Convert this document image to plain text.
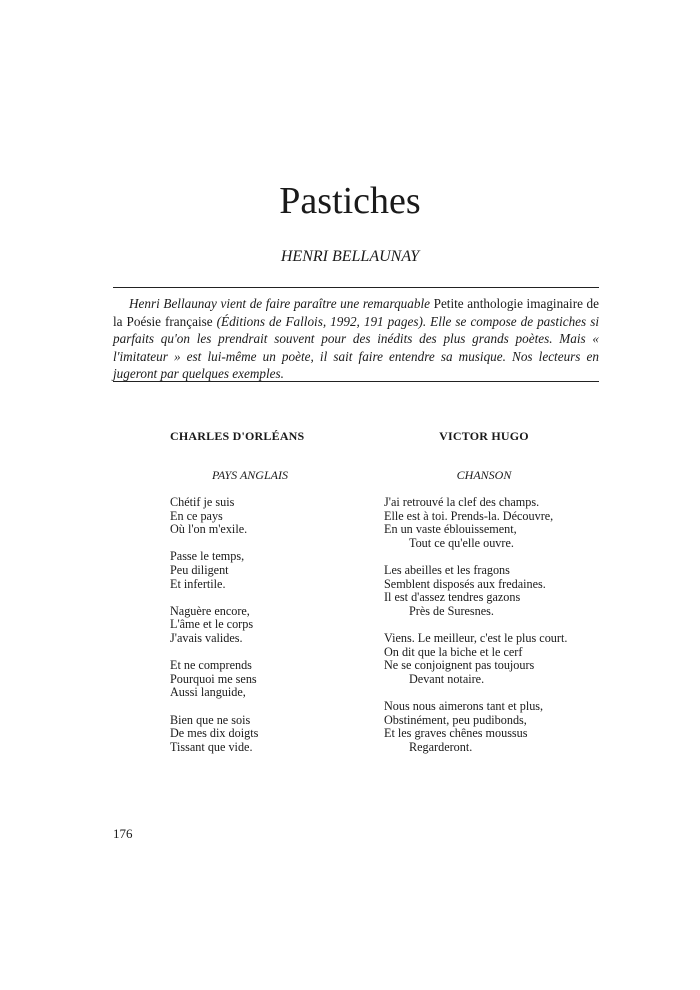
Pastiches
HENRI BELLAUNAY
Henri Bellaunay vient de faire paraître une remarquable Petite anthologie imaginaire de la Poésie française (Éditions de Fallois, 1992, 191 pages). Elle se compose de pastiches si parfaits qu'on les prendrait souvent pour des inédits des plus grands poètes. Mais « l'imitateur » est lui-même un poète, il sait faire entendre sa musique. Nos lecteurs en jugeront par quelques exemples.
CHARLES D'ORLÉANS
PAYS ANGLAIS
Chétif je suis
En ce pays
Où l'on m'exile.
Passe le temps,
Peu diligent
Et infertile.
Naguère encore,
L'âme et le corps
J'avais valides.
Et ne comprends
Pourquoi me sens
Aussi languide,
Bien que ne sois
De mes dix doigts
Tissant que vide.
VICTOR HUGO
CHANSON
J'ai retrouvé la clef des champs.
Elle est à toi. Prends-la. Découvre,
En un vaste éblouissement,
Tout ce qu'elle ouvre.
Les abeilles et les fragons
Semblent disposés aux fredaines.
Il est d'assez tendres gazons
Près de Suresnes.
Viens. Le meilleur, c'est le plus court.
On dit que la biche et le cerf
Ne se conjoignent pas toujours
Devant notaire.
Nous nous aimerons tant et plus,
Obstinément, peu pudibonds,
Et les graves chênes moussus
Regarderont.
176
